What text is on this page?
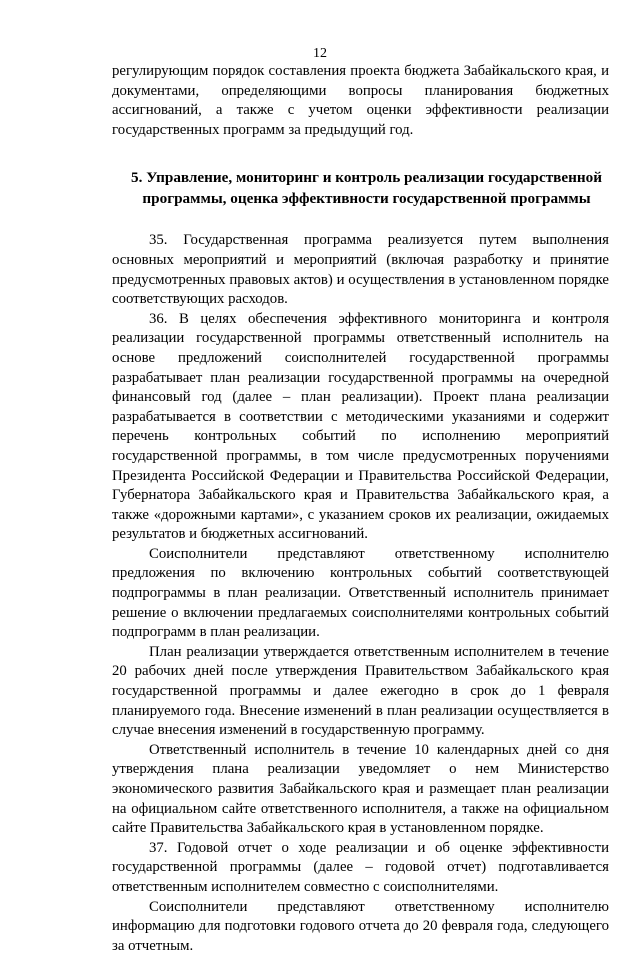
12

регулирующим порядок составления проекта бюджета Забайкальского края, и документами, определяющими вопросы планирования бюджетных ассигнований, а также с учетом оценки эффективности реализации государственных программ за предыдущий год.

5. Управление, мониторинг и контроль реализации государственной
программы, оценка эффективности государственной программы

35. Государственная программа реализуется путем выполнения основных мероприятий и мероприятий (включая разработку и принятие предусмотренных правовых актов) и осуществления в установленном порядке соответствующих расходов.

36. В целях обеспечения эффективного мониторинга и контроля реализации государственной программы ответственный исполнитель на основе предложений соисполнителей государственной программы разрабатывает план реализации государственной программы на очередной финансовый год (далее – план реализации). Проект плана реализации разрабатывается в соответствии с методическими указаниями и содержит перечень контрольных событий по исполнению мероприятий государственной программы, в том числе предусмотренных поручениями Президента Российской Федерации и Правительства Российской Федерации, Губернатора Забайкальского края и Правительства Забайкальского края, а также «дорожными картами», с указанием сроков их реализации, ожидаемых результатов и бюджетных ассигнований.

Соисполнители представляют ответственному исполнителю предложения по включению контрольных событий соответствующей подпрограммы в план реализации. Ответственный исполнитель принимает решение о включении предлагаемых соисполнителями контрольных событий подпрограмм в план реализации.

План реализации утверждается ответственным исполнителем в течение 20 рабочих дней после утверждения Правительством Забайкальского края государственной программы и далее ежегодно в срок до 1 февраля планируемого года. Внесение изменений в план реализации осуществляется в случае внесения изменений в государственную программу.

Ответственный исполнитель в течение 10 календарных дней со дня утверждения плана реализации уведомляет о нем Министерство экономического развития Забайкальского края и размещает план реализации на официальном сайте ответственного исполнителя, а также на официальном сайте Правительства Забайкальского края в установленном порядке.

37. Годовой отчет о ходе реализации и об оценке эффективности государственной программы (далее – годовой отчет) подготавливается ответственным исполнителем совместно с соисполнителями.

Соисполнители представляют ответственному исполнителю информацию для подготовки годового отчета до 20 февраля года, следующего за отчетным.
